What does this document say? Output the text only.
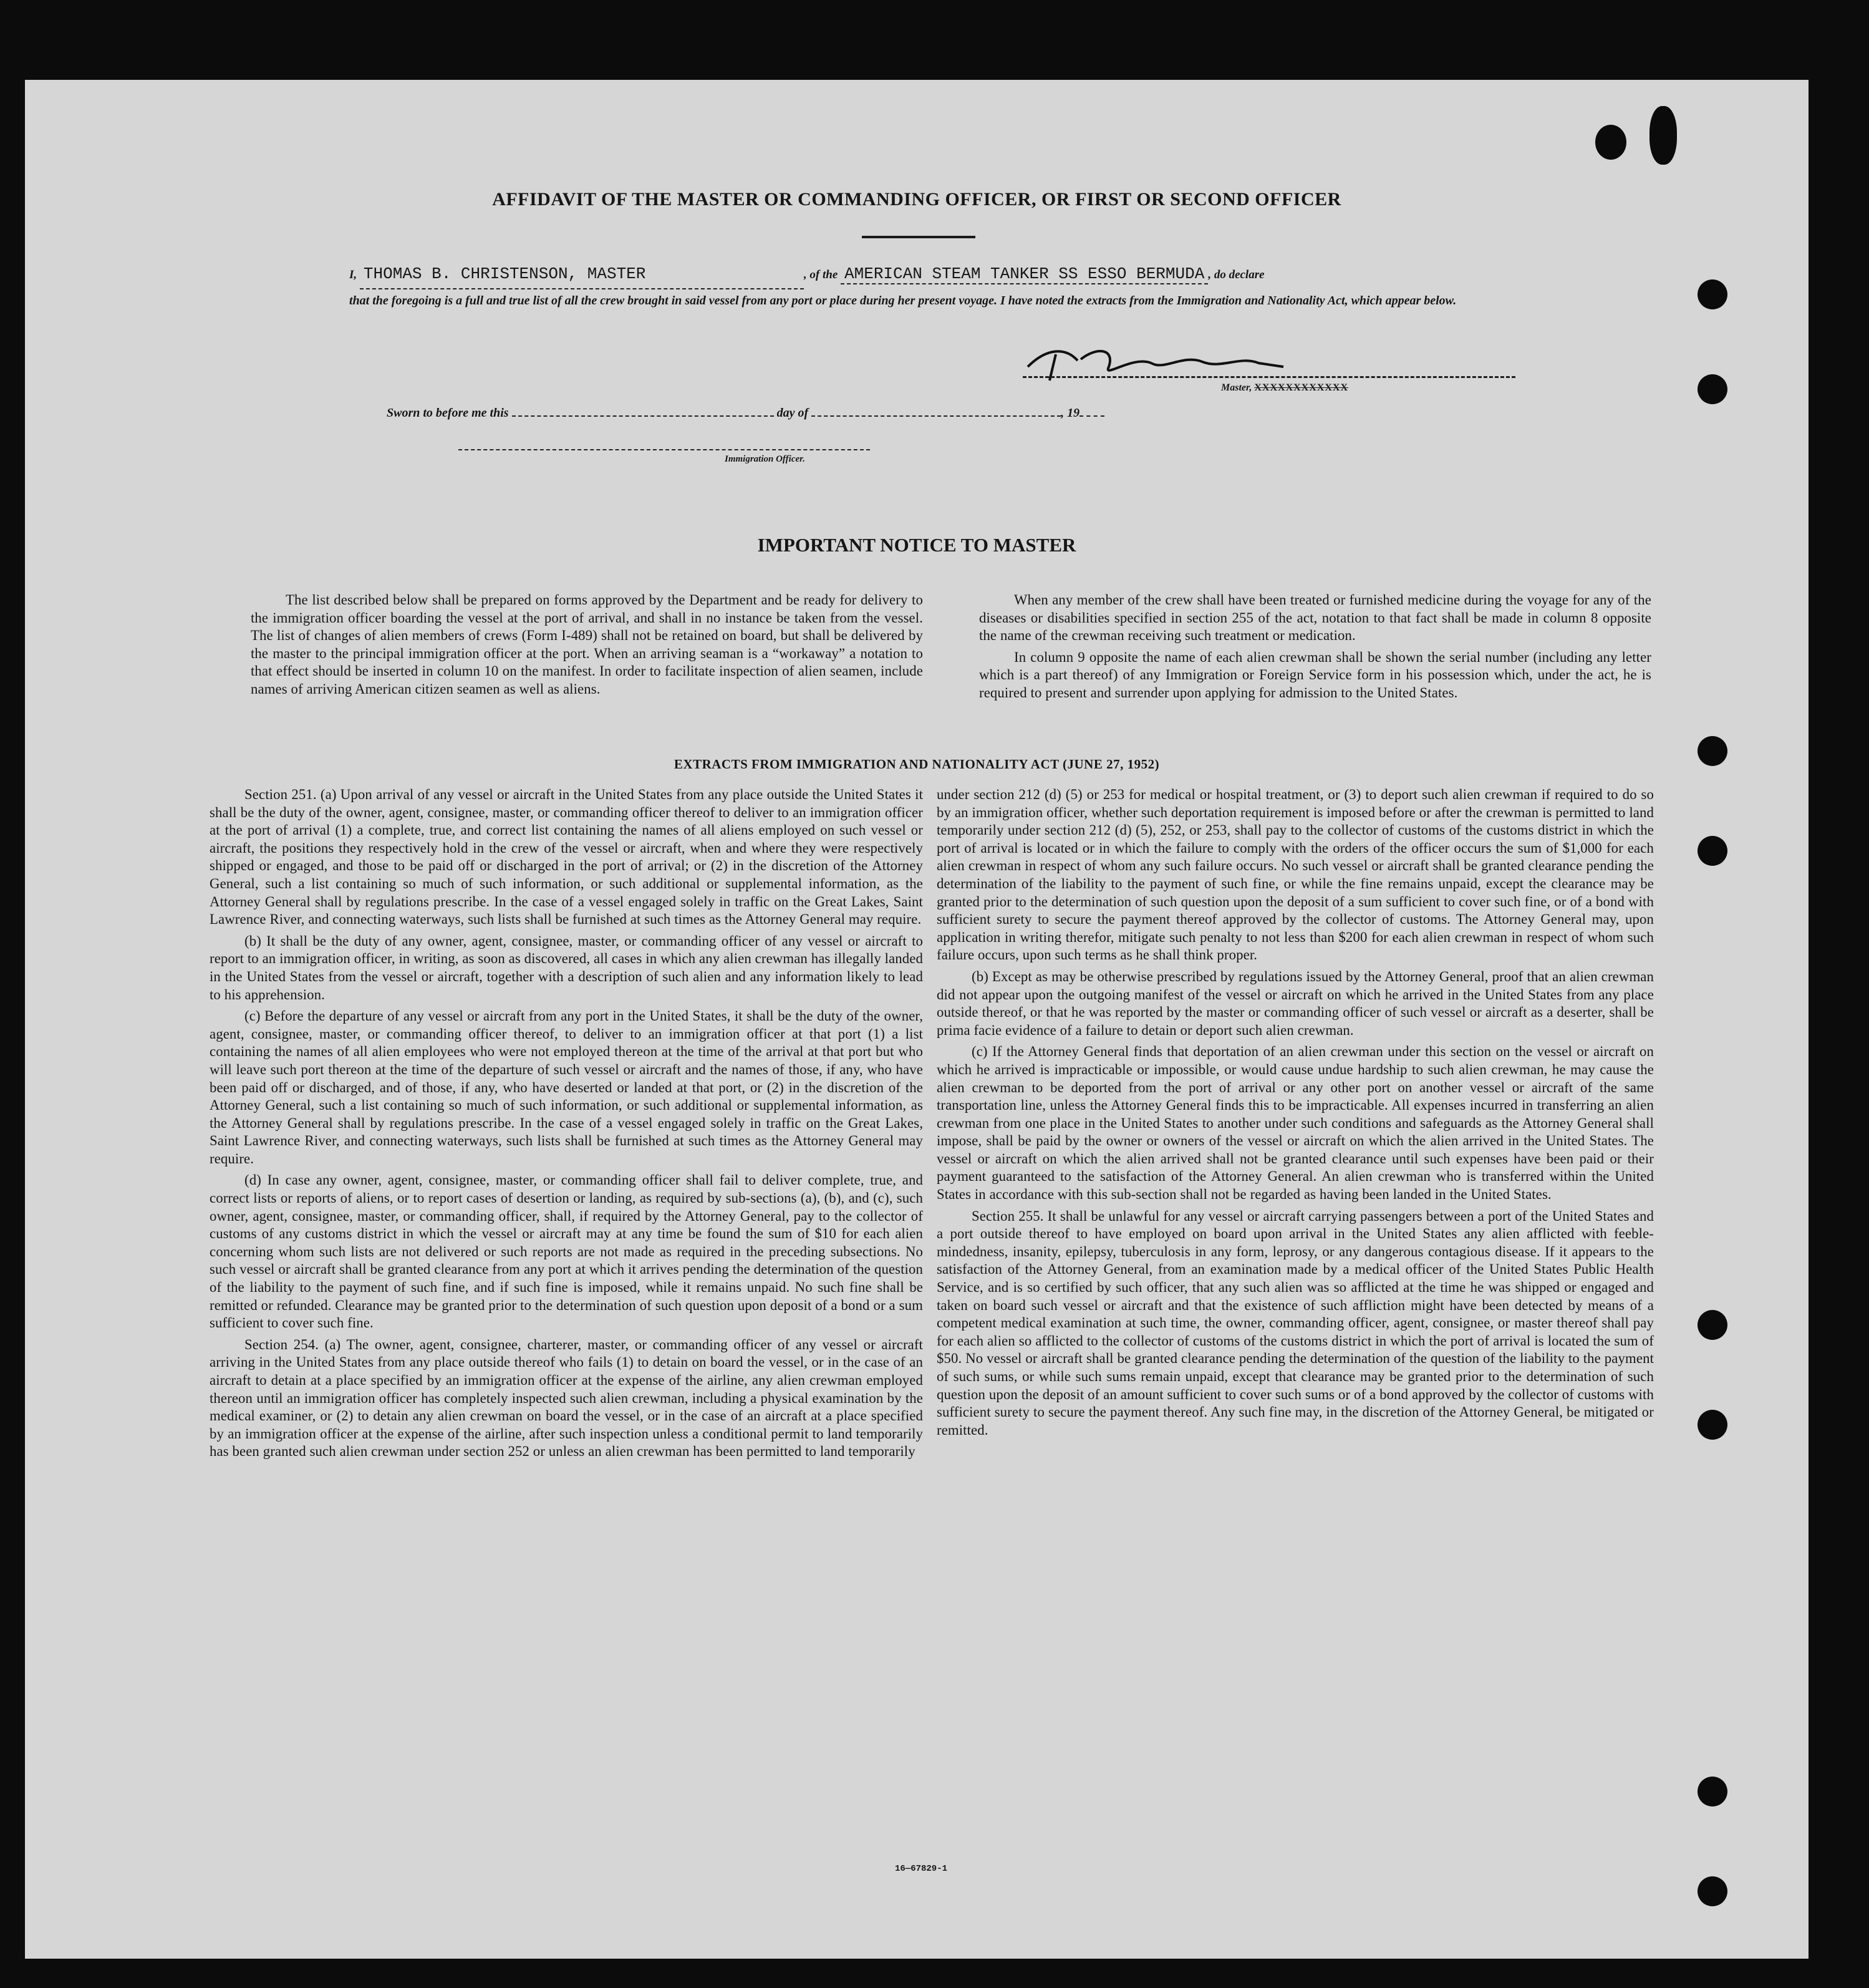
AFFIDAVIT OF THE MASTER OR COMMANDING OFFICER, OR FIRST OR SECOND OFFICER
I, THOMAS B. CHRISTENSON, MASTER	, of the AMERICAN STEAM TANKER SS ESSO BERMUDA , do declare
that the foregoing is a full and true list of all the crew brought in said vessel from any port or place during her present voyage. I have noted the extracts from the Immigration and Nationality Act, which appear below.
Master, XXXXXXXXXXXX
Sworn to before me this	day of	, 19
Immigration Officer.
IMPORTANT NOTICE TO MASTER

The list described below shall be prepared on forms approved by the Department and be ready for delivery to the immigration officer boarding the vessel at the port of arrival, and shall in no instance be taken from the vessel. The list of changes of alien members of crews (Form I-489) shall not be retained on board, but shall be delivered by the master to the principal immigration officer at the port. When an arriving seaman is a “workaway” a notation to that effect should be inserted in column 10 on the manifest. In order to facilitate inspection of alien seamen, include names of arriving American citizen seamen as well as aliens.

When any member of the crew shall have been treated or furnished medicine during the voyage for any of the diseases or disabilities specified in section 255 of the act, notation to that fact shall be made in column 8 opposite the name of the crewman receiving such treatment or medication.

In column 9 opposite the name of each alien crewman shall be shown the serial number (including any letter which is a part thereof) of any Immigration or Foreign Service form in his possession which, under the act, he is required to present and surrender upon applying for admission to the United States.

EXTRACTS FROM IMMIGRATION AND NATIONALITY ACT (JUNE 27, 1952)

Section 251. (a) Upon arrival of any vessel or aircraft in the United States from any place outside the United States it shall be the duty of the owner, agent, consignee, master, or commanding officer thereof to deliver to an immigration officer at the port of arrival (1) a complete, true, and correct list containing the names of all aliens employed on such vessel or aircraft, the positions they respectively hold in the crew of the vessel or aircraft, when and where they were respectively shipped or engaged, and those to be paid off or discharged in the port of arrival; or (2) in the discretion of the Attorney General, such a list containing so much of such information, or such additional or supplemental information, as the Attorney General shall by regulations prescribe. In the case of a vessel engaged solely in traffic on the Great Lakes, Saint Lawrence River, and connecting waterways, such lists shall be furnished at such times as the Attorney General may require.

(b) It shall be the duty of any owner, agent, consignee, master, or commanding officer of any vessel or aircraft to report to an immigration officer, in writing, as soon as discovered, all cases in which any alien crewman has illegally landed in the United States from the vessel or aircraft, together with a description of such alien and any information likely to lead to his apprehension.

(c) Before the departure of any vessel or aircraft from any port in the United States, it shall be the duty of the owner, agent, consignee, master, or commanding officer thereof, to deliver to an immigration officer at that port (1) a list containing the names of all alien employees who were not employed thereon at the time of the arrival at that port but who will leave such port thereon at the time of the departure of such vessel or aircraft and the names of those, if any, who have been paid off or discharged, and of those, if any, who have deserted or landed at that port, or (2) in the discretion of the Attorney General, such a list containing so much of such information, or such additional or supplemental information, as the Attorney General shall by regulations prescribe. In the case of a vessel engaged solely in traffic on the Great Lakes, Saint Lawrence River, and connecting waterways, such lists shall be furnished at such times as the Attorney General may require.

(d) In case any owner, agent, consignee, master, or commanding officer shall fail to deliver complete, true, and correct lists or reports of aliens, or to report cases of desertion or landing, as required by sub-sections (a), (b), and (c), such owner, agent, consignee, master, or commanding officer, shall, if required by the Attorney General, pay to the collector of customs of any customs district in which the vessel or aircraft may at any time be found the sum of $10 for each alien concerning whom such lists are not delivered or such reports are not made as required in the preceding subsections. No such vessel or aircraft shall be granted clearance from any port at which it arrives pending the determination of the question of the liability to the payment of such fine, and if such fine is imposed, while it remains unpaid. No such fine shall be remitted or refunded. Clearance may be granted prior to the determination of such question upon deposit of a bond or a sum sufficient to cover such fine.

Section 254. (a) The owner, agent, consignee, charterer, master, or commanding officer of any vessel or aircraft arriving in the United States from any place outside thereof who fails (1) to detain on board the vessel, or in the case of an aircraft to detain at a place specified by an immigration officer at the expense of the airline, any alien crewman employed thereon until an immigration officer has completely inspected such alien crewman, including a physical examination by the medical examiner, or (2) to detain any alien crewman on board the vessel, or in the case of an aircraft at a place specified by an immigration officer at the expense of the airline, after such inspection unless a conditional permit to land temporarily has been granted such alien crewman under section 252 or unless an alien crewman has been permitted to land temporarily

under section 212 (d) (5) or 253 for medical or hospital treatment, or (3) to deport such alien crewman if required to do so by an immigration officer, whether such deportation requirement is imposed before or after the crewman is permitted to land temporarily under section 212 (d) (5), 252, or 253, shall pay to the collector of customs of the customs district in which the port of arrival is located or in which the failure to comply with the orders of the officer occurs the sum of $1,000 for each alien crewman in respect of whom any such failure occurs. No such vessel or aircraft shall be granted clearance pending the determination of the liability to the payment of such fine, or while the fine remains unpaid, except the clearance may be granted prior to the determination of such question upon the deposit of a sum sufficient to cover such fine, or of a bond with sufficient surety to secure the payment thereof approved by the collector of customs. The Attorney General may, upon application in writing therefor, mitigate such penalty to not less than $200 for each alien crewman in respect of whom such failure occurs, upon such terms as he shall think proper.

(b) Except as may be otherwise prescribed by regulations issued by the Attorney General, proof that an alien crewman did not appear upon the outgoing manifest of the vessel or aircraft on which he arrived in the United States from any place outside thereof, or that he was reported by the master or commanding officer of such vessel or aircraft as a deserter, shall be prima facie evidence of a failure to detain or deport such alien crewman.

(c) If the Attorney General finds that deportation of an alien crewman under this section on the vessel or aircraft on which he arrived is impracticable or impossible, or would cause undue hardship to such alien crewman, he may cause the alien crewman to be deported from the port of arrival or any other port on another vessel or aircraft of the same transportation line, unless the Attorney General finds this to be impracticable. All expenses incurred in transferring an alien crewman from one place in the United States to another under such conditions and safeguards as the Attorney General shall impose, shall be paid by the owner or owners of the vessel or aircraft on which the alien arrived in the United States. The vessel or aircraft on which the alien arrived shall not be granted clearance until such expenses have been paid or their payment guaranteed to the satisfaction of the Attorney General. An alien crewman who is transferred within the United States in accordance with this sub-section shall not be regarded as having been landed in the United States.

Section 255. It shall be unlawful for any vessel or aircraft carrying passengers between a port of the United States and a port outside thereof to have employed on board upon arrival in the United States any alien afflicted with feeble-mindedness, insanity, epilepsy, tuberculosis in any form, leprosy, or any dangerous contagious disease. If it appears to the satisfaction of the Attorney General, from an examination made by a medical officer of the United States Public Health Service, and is so certified by such officer, that any such alien was so afflicted at the time he was shipped or engaged and taken on board such vessel or aircraft and that the existence of such affliction might have been detected by means of a competent medical examination at such time, the owner, commanding officer, agent, consignee, or master thereof shall pay for each alien so afflicted to the collector of customs of the customs district in which the port of arrival is located the sum of $50. No vessel or aircraft shall be granted clearance pending the determination of the question of the liability to the payment of such sums, or while such sums remain unpaid, except that clearance may be granted prior to the determination of such question upon the deposit of an amount sufficient to cover such sums or of a bond approved by the collector of customs with sufficient surety to secure the payment thereof. Any such fine may, in the discretion of the Attorney General, be mitigated or remitted.

16—67829-1
